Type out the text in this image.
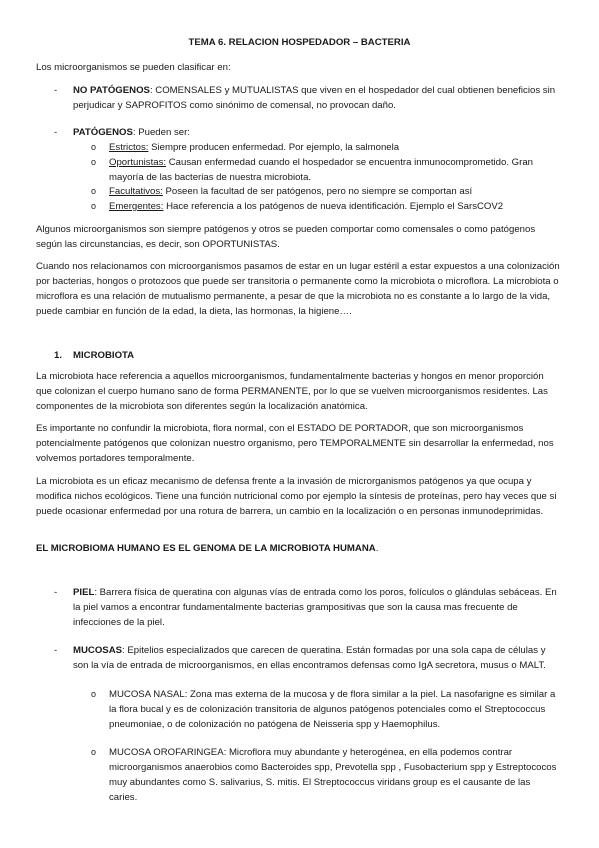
TEMA 6. RELACION HOSPEDADOR – BACTERIA
Los microorganismos se pueden clasificar en:
- NO PATÓGENOS: COMENSALES y MUTUALISTAS que viven en el hospedador del cual obtienen beneficios sin perjudicar y SAPROFITOS como sinónimo de comensal, no provocan daño.
- PATÓGENOS: Pueden ser:
o Estrictos: Siempre producen enfermedad. Por ejemplo, la salmonela
o Oportunistas: Causan enfermedad cuando el hospedador se encuentra inmunocomprometido. Gran mayoría de las bacterias de nuestra microbiota.
o Facultativos: Poseen la facultad de ser patógenos, pero no siempre se comportan así
o Emergentes: Hace referencia a los patógenos de nueva identificación. Ejemplo el SarsCOV2
Algunos microorganismos son siempre patógenos y otros se pueden comportar como comensales o como patógenos según las circunstancias, es decir, son OPORTUNISTAS.
Cuando nos relacionamos con microorganismos pasamos de estar en un lugar estéril a estar expuestos a una colonización por bacterias, hongos o protozoos que puede ser transitoria o permanente como la microbiota o microflora. La microbiota o microflora es una relación de mutualismo permanente, a pesar de que la microbiota no es constante a lo largo de la vida, puede cambiar en función de la edad, la dieta, las hormonas, la higiene….
1. MICROBIOTA
La microbiota hace referencia a aquellos microorganismos, fundamentalmente bacterias y hongos en menor proporción que colonizan el cuerpo humano sano de forma PERMANENTE, por lo que se vuelven microorganismos residentes. Las componentes de la microbiota son diferentes según la localización anatómica.
Es importante no confundir la microbiota, flora normal, con el ESTADO DE PORTADOR, que son microorganismos potencialmente patógenos que colonizan nuestro organismo, pero TEMPORALMENTE sin desarrollar la enfermedad, nos volvemos portadores temporalmente.
La microbiota es un eficaz mecanismo de defensa frente a la invasión de microrganismos patógenos ya que ocupa y modifica nichos ecológicos. Tiene una función nutricional como por ejemplo la síntesis de proteínas, pero hay veces que si puede ocasionar enfermedad por una rotura de barrera, un cambio en la localización o en personas inmunodeprimidas.
EL MICROBIOMA HUMANO ES EL GENOMA DE LA MICROBIOTA HUMANA.
- PIEL: Barrera física de queratina con algunas vías de entrada como los poros, folículos o glándulas sebáceas. En la piel vamos a encontrar fundamentalmente bacterias grampositivas que son la causa mas frecuente de infecciones de la piel.
- MUCOSAS: Epitelios especializados que carecen de queratina. Están formadas por una sola capa de células y son la vía de entrada de microorganismos, en ellas encontramos defensas como IgA secretora, musus o MALT.
o MUCOSA NASAL: Zona mas externa de la mucosa y de flora similar a la piel. La nasofarigne es similar a la flora bucal y es de colonización transitoria de algunos patógenos potenciales como el Streptococcus pneumoniae, o de colonización no patógena de Neisseria spp y Haemophilus.
o MUCOSA OROFARINGEA: Microflora muy abundante y heterogénea, en ella podemos contrar microorganismos anaerobios como Bacteroides spp, Prevotella spp , Fusobacterium spp y Estreptococos muy abundantes como S. salivarius, S. mitis. El Streptococcus viridans group es el causante de las caries.
